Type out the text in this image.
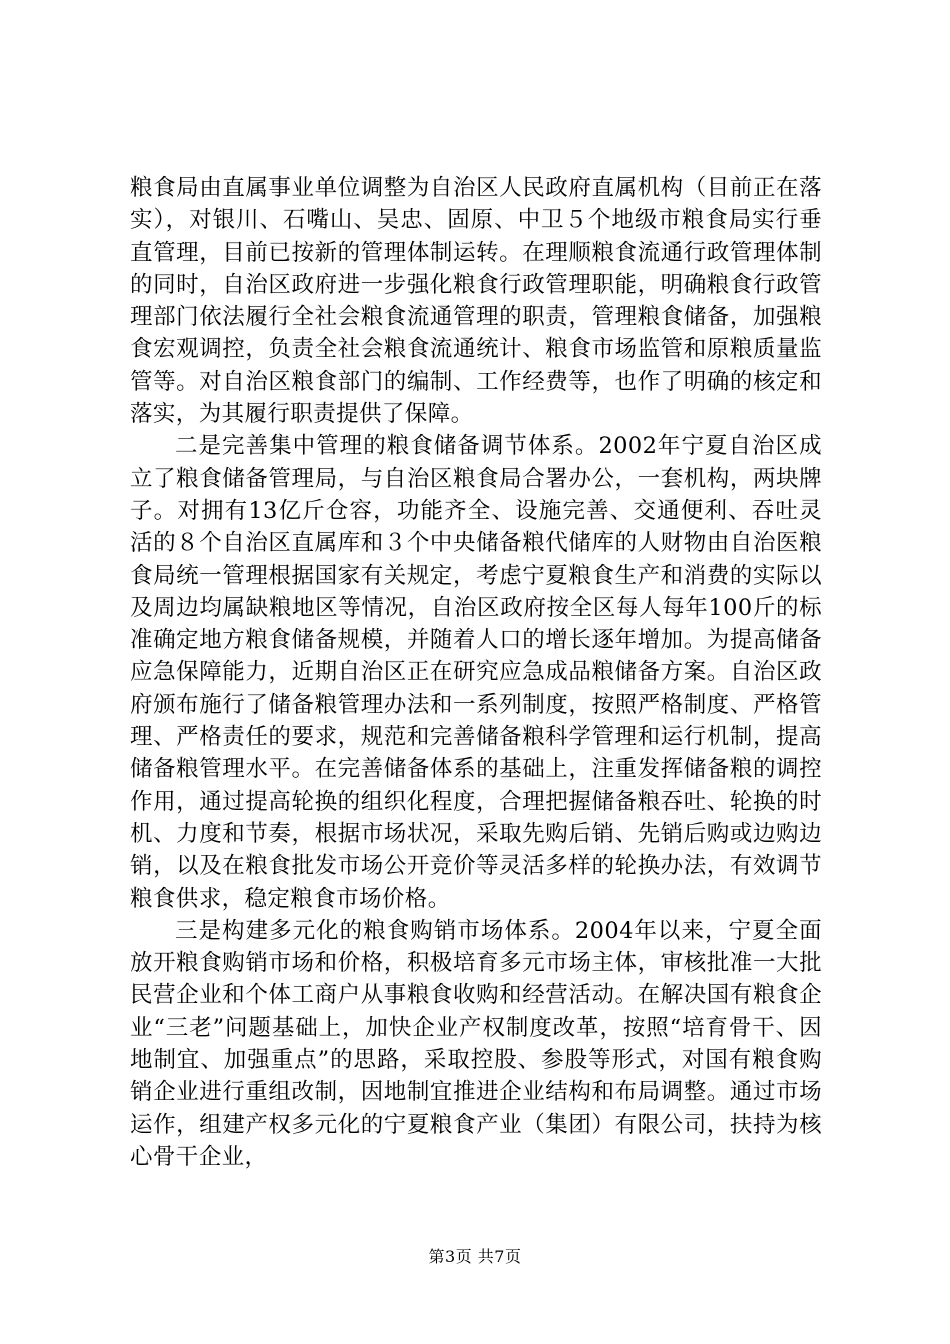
粮食局由直属事业单位调整为自治区人民政府直属机构（目前正在落实），对银川、石嘴山、吴忠、固原、中卫５个地级市粮食局实行垂直管理，目前已按新的管理体制运转。在理顺粮食流通行政管理体制的同时，自治区政府进一步强化粮食行政管理职能，明确粮食行政管理部门依法履行全社会粮食流通管理的职责，管理粮食储备，加强粮食宏观调控，负责全社会粮食流通统计、粮食市场监管和原粮质量监管等。对自治区粮食部门的编制、工作经费等，也作了明确的核定和落实，为其履行职责提供了保障。

二是完善集中管理的粮食储备调节体系。2002年宁夏自治区成立了粮食储备管理局，与自治区粮食局合署办公，一套机构，两块牌子。对拥有13亿斤仓容，功能齐全、设施完善、交通便利、吞吐灵活的８个自治区直属库和３个中央储备粮代储库的人财物由自治医粮食局统一管理根据国家有关规定，考虑宁夏粮食生产和消费的实际以及周边均属缺粮地区等情况，自治区政府按全区每人每年100斤的标准确定地方粮食储备规模，并随着人口的增长逐年增加。为提高储备应急保障能力，近期自治区正在研究应急成品粮储备方案。自治区政府颁布施行了储备粮管理办法和一系列制度，按照严格制度、严格管理、严格责任的要求，规范和完善储备粮科学管理和运行机制，提高储备粮管理水平。在完善储备体系的基础上，注重发挥储备粮的调控作用，通过提高轮换的组织化程度，合理把握储备粮吞吐、轮换的时机、力度和节奏，根据市场状况，采取先购后销、先销后购或边购边销，以及在粮食批发市场公开竞价等灵活多样的轮换办法，有效调节粮食供求，稳定粮食市场价格。

三是构建多元化的粮食购销市场体系。2004年以来，宁夏全面放开粮食购销市场和价格，积极培育多元市场主体，审核批准一大批民营企业和个体工商户从事粮食收购和经营活动。在解决国有粮食企业“三老”问题基础上，加快企业产权制度改革，按照“培育骨干、因地制宜、加强重点”的思路，采取控股、参股等形式，对国有粮食购销企业进行重组改制，因地制宜推进企业结构和布局调整。通过市场运作，组建产权多元化的宁夏粮食产业（集团）有限公司，扶持为核心骨干企业，

第3页 共7页
